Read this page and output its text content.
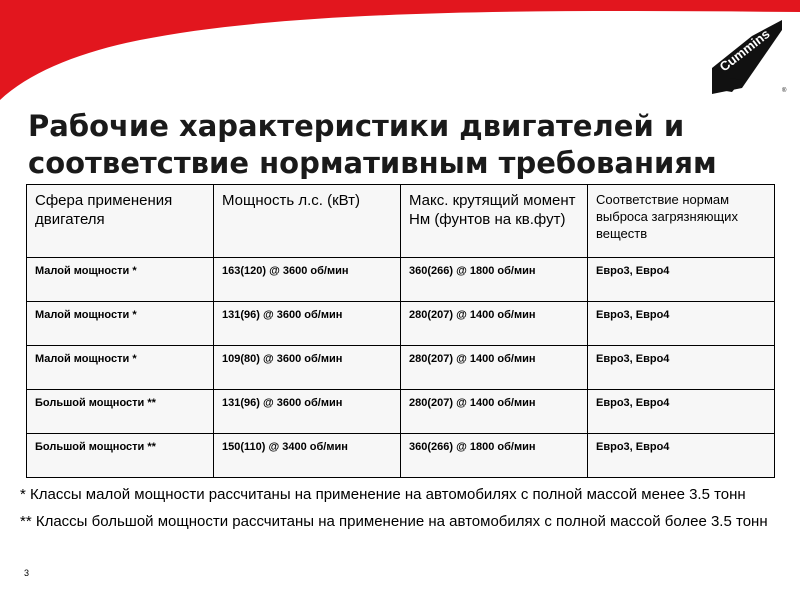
Cummins
®
Рабочие характеристики двигателей и
соответствие нормативным требованиям
Сфера применения двигателя	Мощность л.с. (кВт)	Макс. крутящий момент Нм (фунтов на кв.фут)	Соответствие нормам выброса загрязняющих веществ
Малой мощности *	163(120) @ 3600 об/мин	360(266) @ 1800 об/мин	Евро3, Евро4
Малой мощности *	131(96) @ 3600 об/мин	280(207) @ 1400 об/мин	Евро3, Евро4
Малой мощности *	109(80) @ 3600 об/мин	280(207) @ 1400 об/мин	Евро3, Евро4
Большой мощности **	131(96) @ 3600 об/мин	280(207) @ 1400 об/мин	Евро3, Евро4
Большой мощности **	150(110) @ 3400 об/мин	360(266) @ 1800 об/мин	Евро3, Евро4

* Классы малой мощности рассчитаны на применение на автомобилях с полной массой менее 3.5 тонн

** Классы большой мощности рассчитаны на применение на автомобилях с полной массой более 3.5 тонн

3
